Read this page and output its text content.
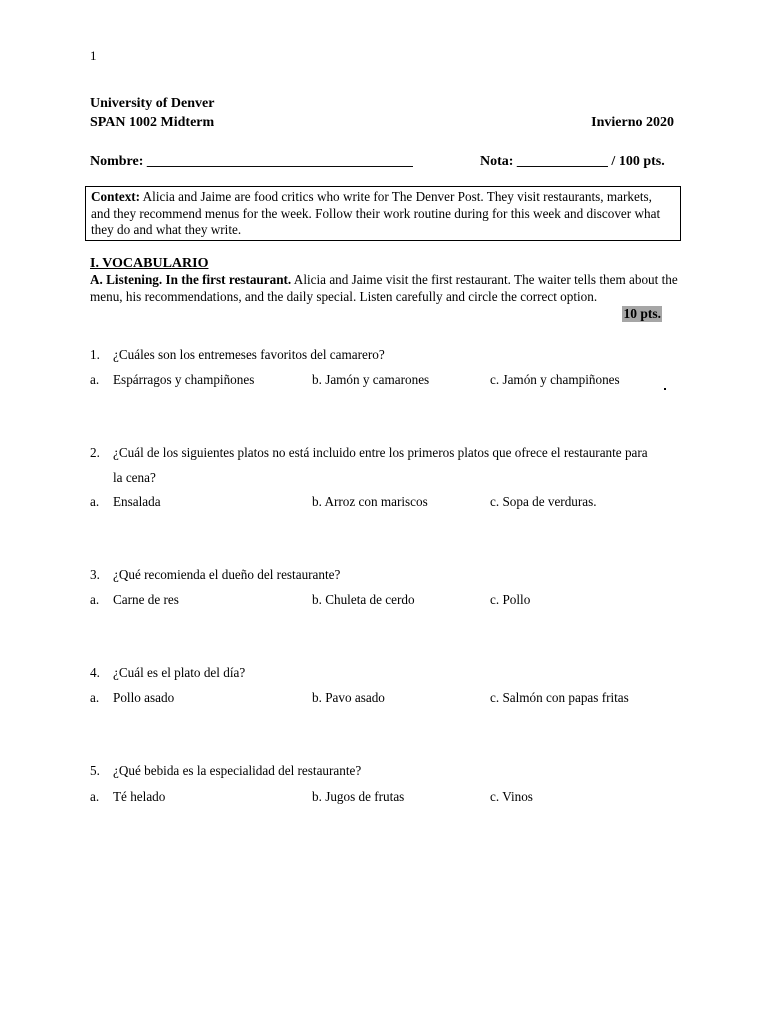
1
University of Denver
SPAN 1002 Midterm	Invierno 2020
Nombre: ______________________________________	Nota: _____________ / 100 pts.
Context: Alicia and Jaime are food critics who write for The Denver Post. They visit restaurants, markets, and they recommend menus for the week. Follow their work routine during for this week and discover what they do and what they write.
I. VOCABULARIO
A. Listening. In the first restaurant. Alicia and Jaime visit the first restaurant. The waiter tells them about the menu, his recommendations, and the daily special. Listen carefully and circle the correct option.
10 pts.
1. ¿Cuáles son los entremeses favoritos del camarero?
a. Espárragos y champiñones	b. Jamón y camarones	c. Jamón y champiñones
2. ¿Cuál de los siguientes platos no está incluido entre los primeros platos que ofrece el restaurante para
la cena?
a. Ensalada	b. Arroz con mariscos	c. Sopa de verduras.
3. ¿Qué recomienda el dueño del restaurante?
a. Carne de res	b. Chuleta de cerdo	c. Pollo
4. ¿Cuál es el plato del día?
a. Pollo asado	b. Pavo asado	c. Salmón con papas fritas
5. ¿Qué bebida es la especialidad del restaurante?
a. Té helado	b. Jugos de frutas	c. Vinos
